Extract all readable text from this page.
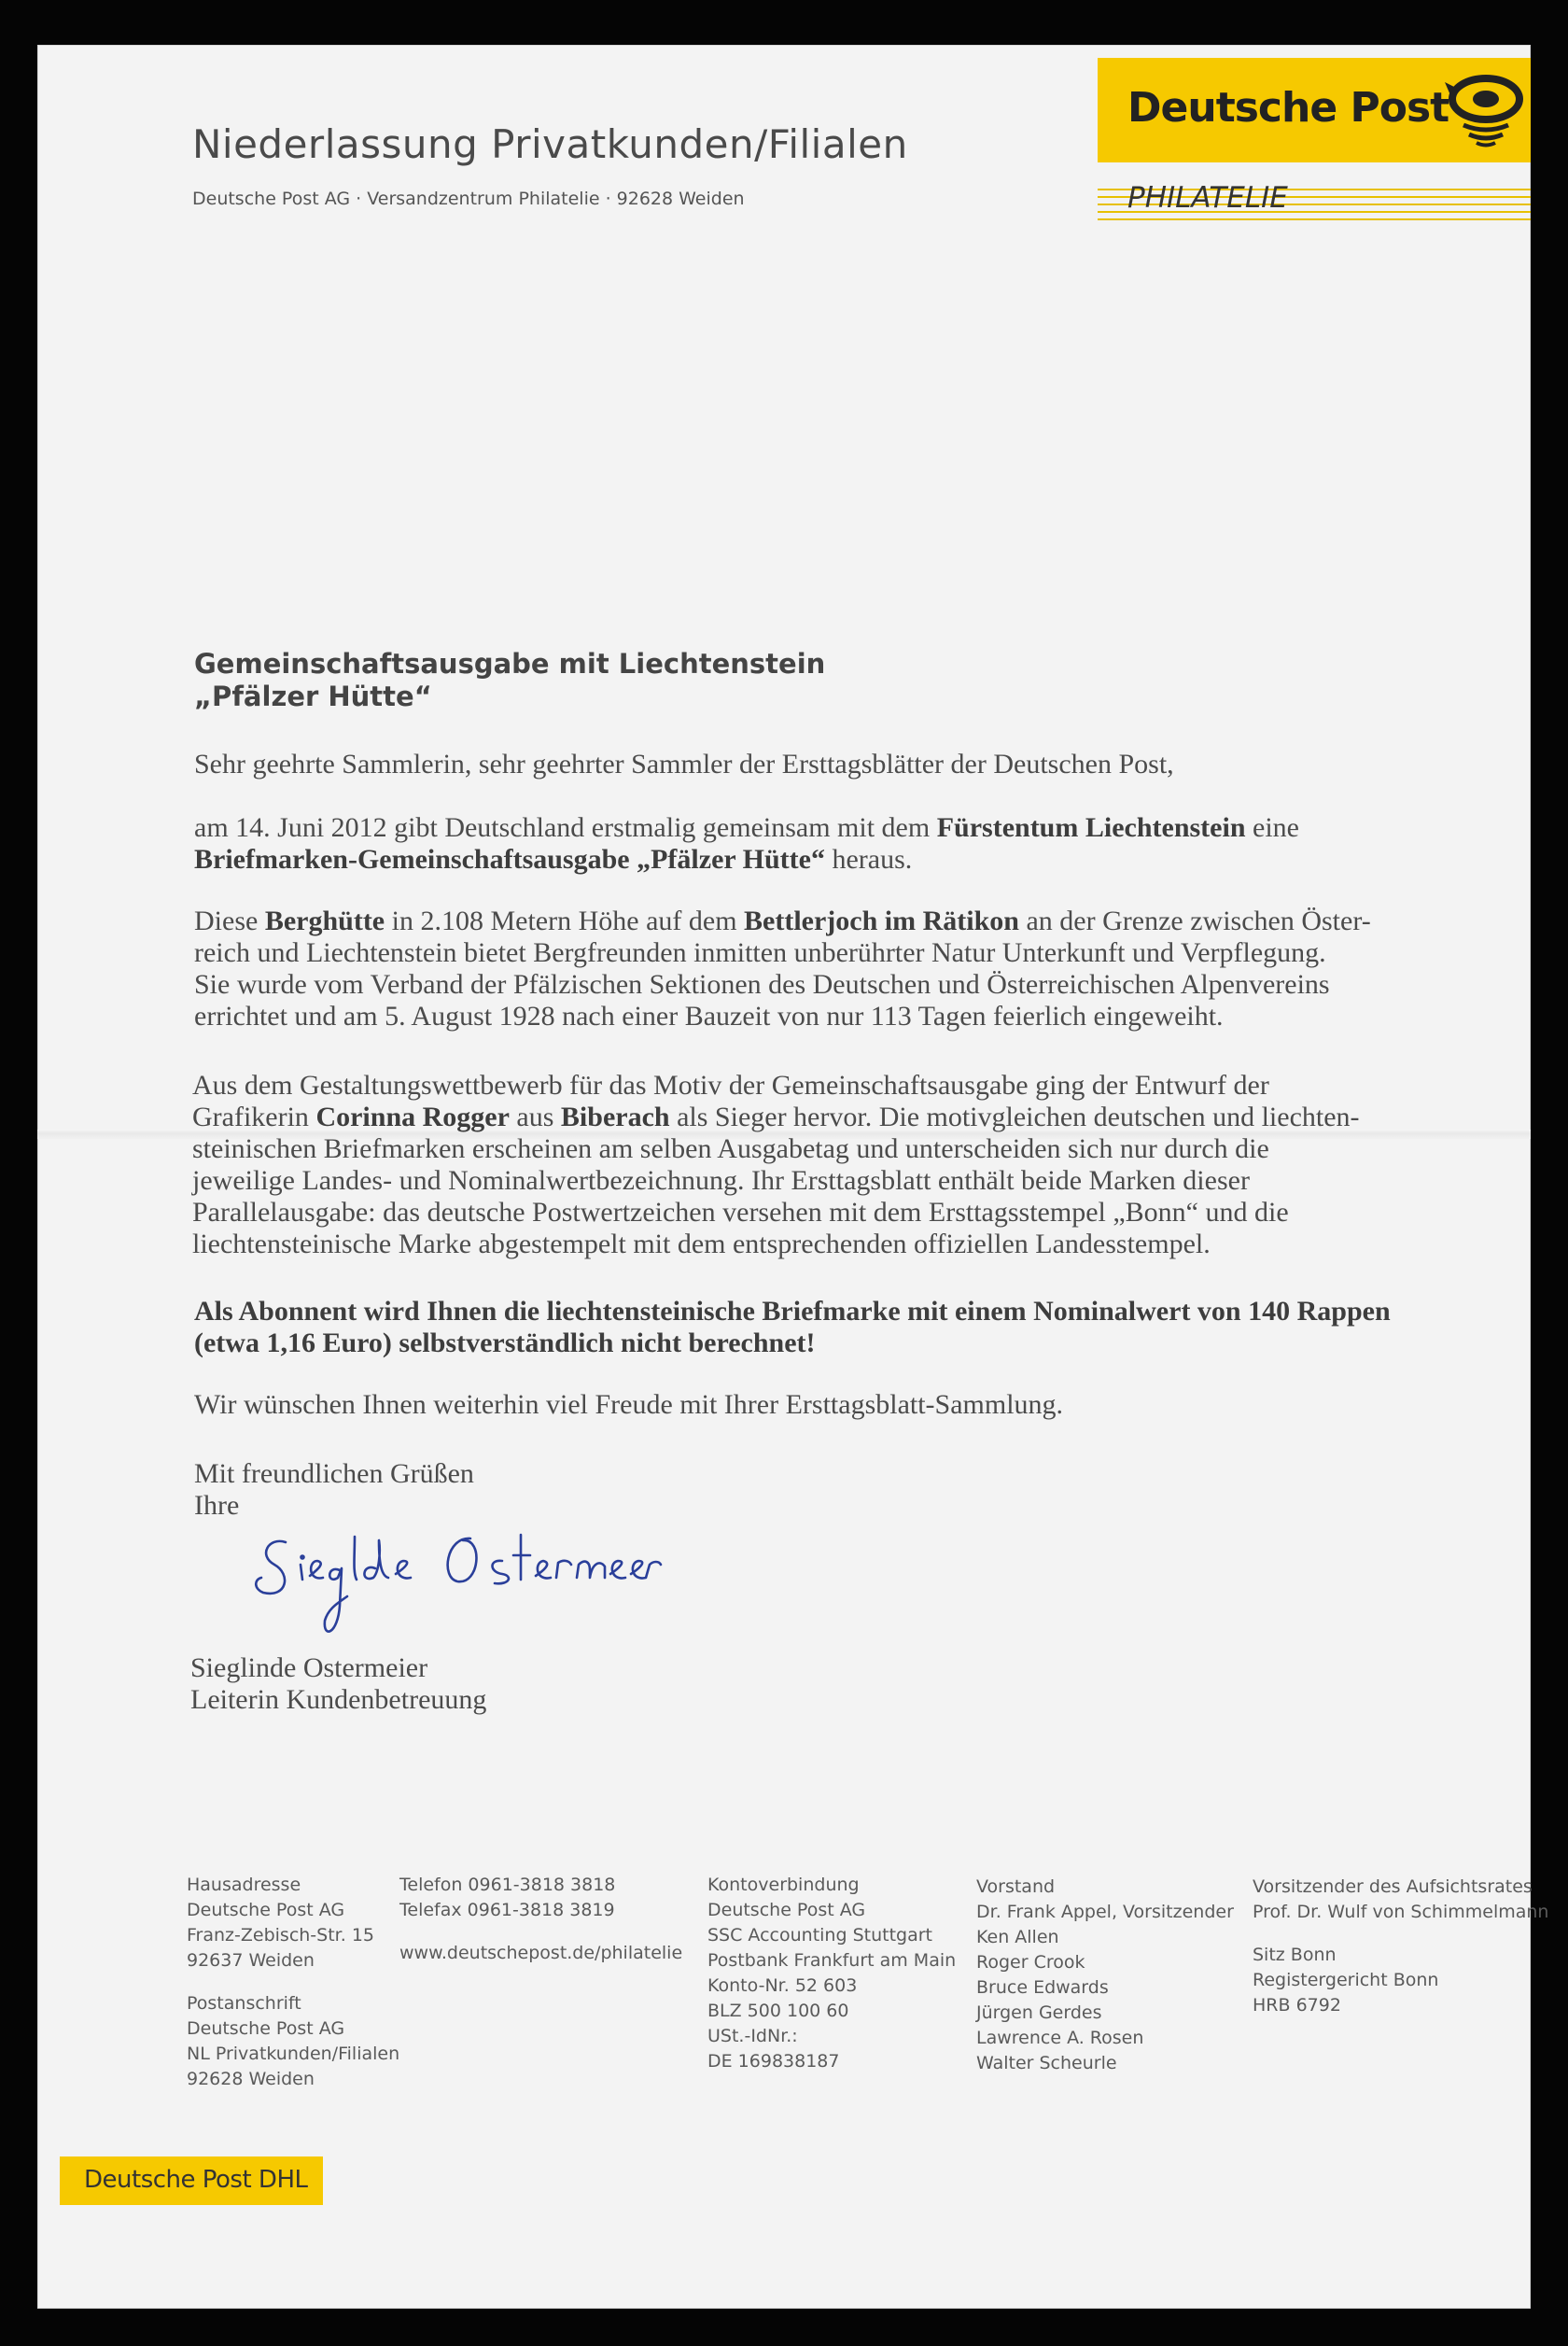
Niederlassung Privatkunden/Filialen
Deutsche Post AG · Versandzentrum Philatelie · 92628 Weiden
Deutsche Post
PHILATELIE
Gemeinschaftsausgabe mit Liechtenstein
„Pfälzer Hütte“
Sehr geehrte Sammlerin, sehr geehrter Sammler der Ersttagsblätter der Deutschen Post,
am 14. Juni 2012 gibt Deutschland erstmalig gemeinsam mit dem Fürstentum Liechtenstein eine
Briefmarken-Gemeinschaftsausgabe „Pfälzer Hütte“ heraus.
Diese Berghütte in 2.108 Metern Höhe auf dem Bettlerjoch im Rätikon an der Grenze zwischen Öster-
reich und Liechtenstein bietet Bergfreunden inmitten unberührter Natur Unterkunft und Verpflegung.
Sie wurde vom Verband der Pfälzischen Sektionen des Deutschen und Österreichischen Alpenvereins
errichtet und am 5. August 1928 nach einer Bauzeit von nur 113 Tagen feierlich eingeweiht.
Aus dem Gestaltungswettbewerb für das Motiv der Gemeinschaftsausgabe ging der Entwurf der
Grafikerin Corinna Rogger aus Biberach als Sieger hervor. Die motivgleichen deutschen und liechten-
steinischen Briefmarken erscheinen am selben Ausgabetag und unterscheiden sich nur durch die
jeweilige Landes- und Nominalwertbezeichnung. Ihr Ersttagsblatt enthält beide Marken dieser
Parallelausgabe: das deutsche Postwertzeichen versehen mit dem Ersttagsstempel „Bonn“ und die
liechtensteinische Marke abgestempelt mit dem entsprechenden offiziellen Landesstempel.
Als Abonnent wird Ihnen die liechtensteinische Briefmarke mit einem Nominalwert von 140 Rappen
(etwa 1,16 Euro) selbstverständlich nicht berechnet!
Wir wünschen Ihnen weiterhin viel Freude mit Ihrer Ersttagsblatt-Sammlung.
Mit freundlichen Grüßen
Ihre
Sieglinde Ostermeier
Leiterin Kundenbetreuung
Hausadresse
Deutsche Post AG
Franz-Zebisch-Str. 15
92637 Weiden
Postanschrift
Deutsche Post AG
NL Privatkunden/Filialen
92628 Weiden
Telefon 0961-3818 3818
Telefax 0961-3818 3819
www.deutschepost.de/philatelie
Kontoverbindung
Deutsche Post AG
SSC Accounting Stuttgart
Postbank Frankfurt am Main
Konto-Nr. 52 603
BLZ 500 100 60
USt.-IdNr.:
DE 169838187
Vorstand
Dr. Frank Appel, Vorsitzender
Ken Allen
Roger Crook
Bruce Edwards
Jürgen Gerdes
Lawrence A. Rosen
Walter Scheurle
Vorsitzender des Aufsichtsrates
Prof. Dr. Wulf von Schimmelmann
Sitz Bonn
Registergericht Bonn
HRB 6792
Deutsche Post DHL
